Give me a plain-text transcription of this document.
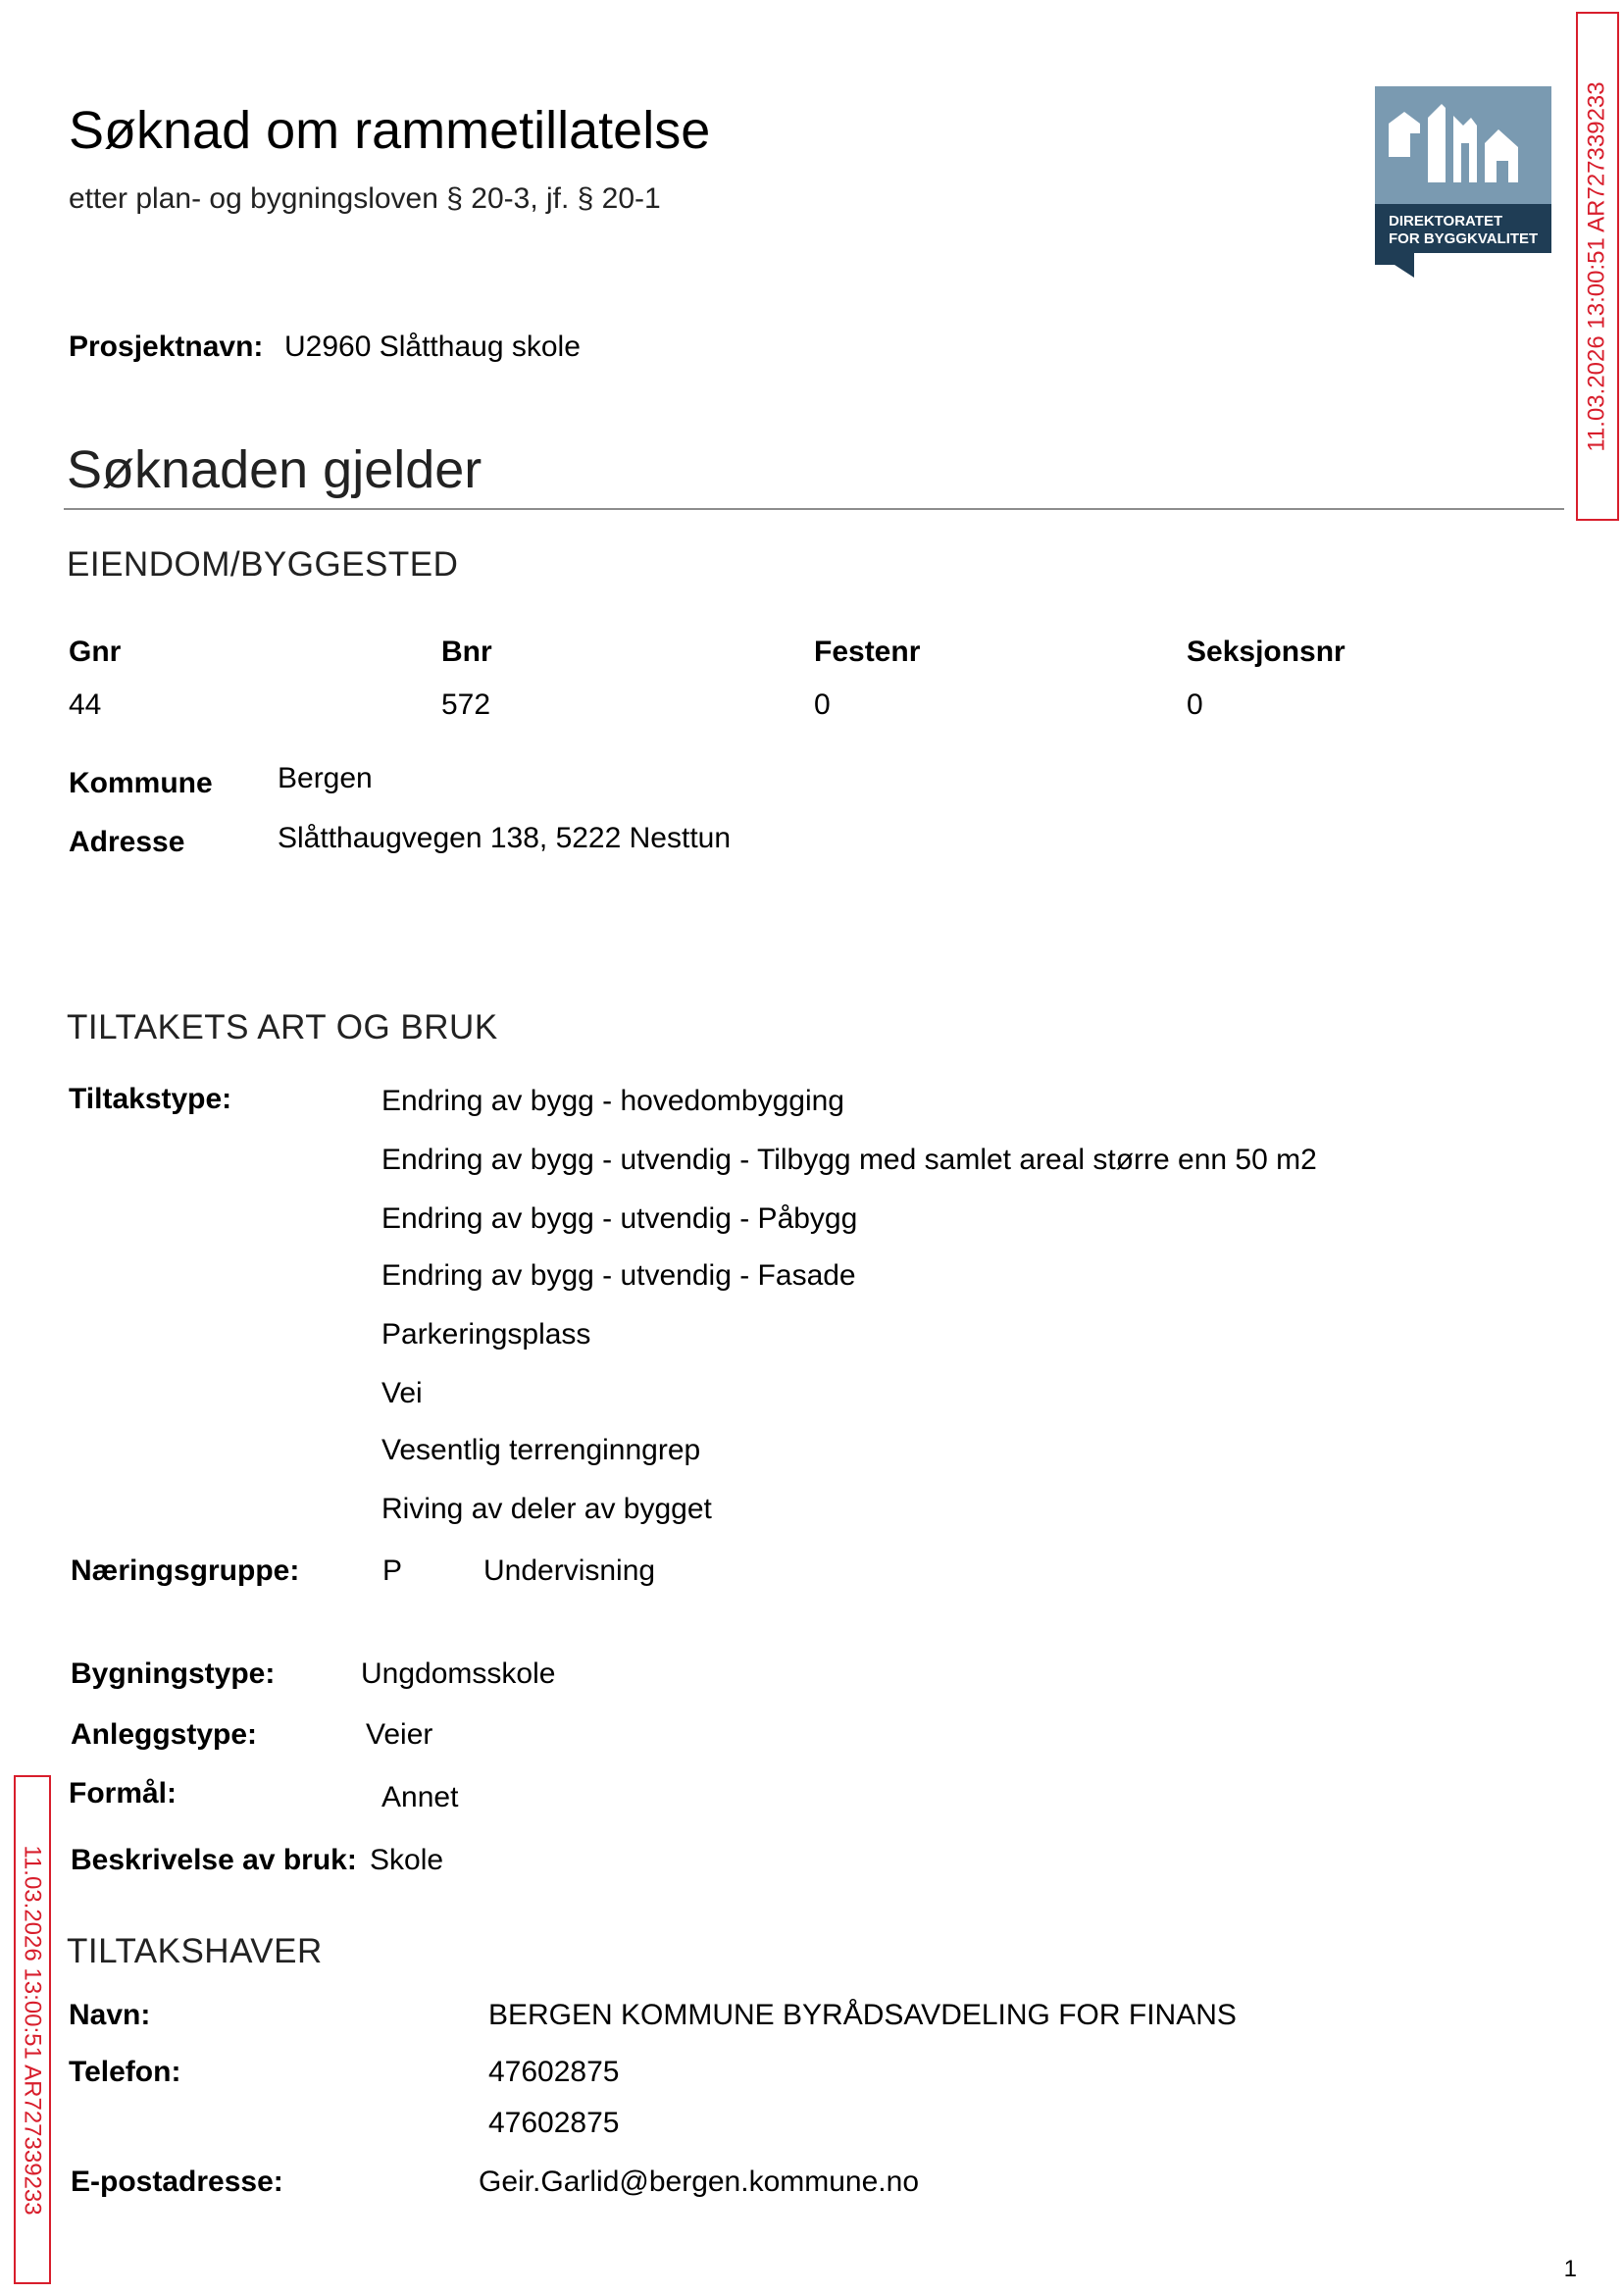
Søknad om rammetillatelse
etter plan- og bygningsloven § 20-3, jf. § 20-1
DIREKTORATET
FOR BYGGKVALITET 11.03.2026 13:00:51 AR727339233
11.03.2026 13:00:51 AR727339233
Prosjektnavn: U2960 Slåtthaug skole
Søknaden gjelder
EIENDOM/BYGGESTED
Gnr	Bnr	Festenr	Seksjonsnr
44	572	0	0
Kommune Bergen
Adresse	Slåtthaugvegen 138, 5222 Nesttun
TILTAKETS ART OG BRUK
Tiltakstype:	Endring av bygg - hovedombygging
Endring av bygg - utvendig - Tilbygg med samlet areal større enn 50 m2
Endring av bygg - utvendig - Påbygg
Endring av bygg - utvendig - Fasade
Parkeringsplass
Vei
Vesentlig terrenginngrep
Riving av deler av bygget
Næringsgruppe:	P	Undervisning
Bygningstype:	Ungdomsskole
Anleggstype:	Veier
Formål:	Annet
Beskrivelse av bruk: Skole
TILTAKSHAVER
Navn:	BERGEN KOMMUNE BYRÅDSAVDELING FOR FINANS
Telefon:	47602875
47602875
E-postadresse:	Geir.Garlid@bergen.kommune.no
1
